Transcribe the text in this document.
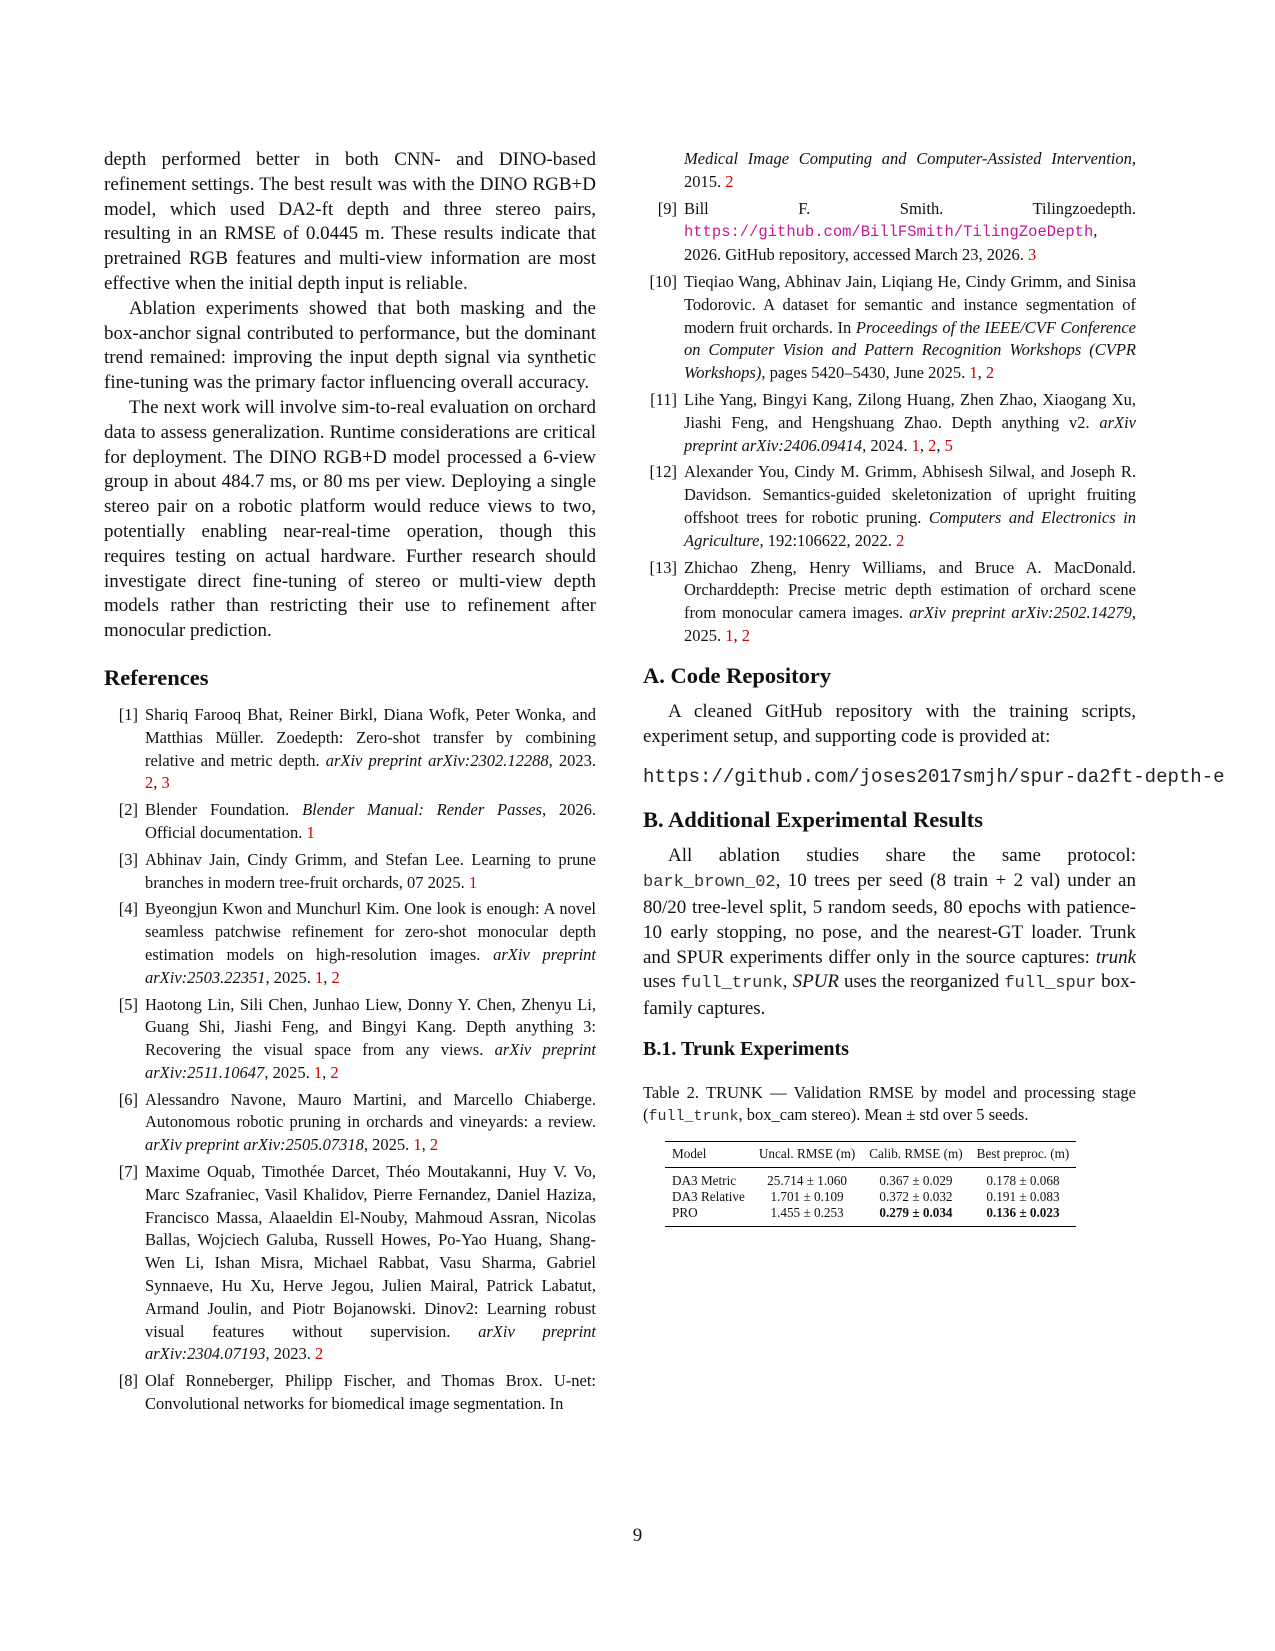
depth performed better in both CNN- and DINO-based refinement settings. The best result was with the DINO RGB+D model, which used DA2-ft depth and three stereo pairs, resulting in an RMSE of 0.0445 m. These results indicate that pretrained RGB features and multi-view information are most effective when the initial depth input is reliable.

Ablation experiments showed that both masking and the box-anchor signal contributed to performance, but the dominant trend remained: improving the input depth signal via synthetic fine-tuning was the primary factor influencing overall accuracy.

The next work will involve sim-to-real evaluation on orchard data to assess generalization. Runtime considerations are critical for deployment. The DINO RGB+D model processed a 6-view group in about 484.7 ms, or 80 ms per view. Deploying a single stereo pair on a robotic platform would reduce views to two, potentially enabling near-real-time operation, though this requires testing on actual hardware. Further research should investigate direct fine-tuning of stereo or multi-view depth models rather than restricting their use to refinement after monocular prediction.

References
[1] Shariq Farooq Bhat, Reiner Birkl, Diana Wofk, Peter Wonka, and Matthias Müller. Zoedepth: Zero-shot transfer by combining relative and metric depth. arXiv preprint arXiv:2302.12288, 2023. 2, 3
[2] Blender Foundation. Blender Manual: Render Passes, 2026. Official documentation. 1
[3] Abhinav Jain, Cindy Grimm, and Stefan Lee. Learning to prune branches in modern tree-fruit orchards, 07 2025. 1
[4] Byeongjun Kwon and Munchurl Kim. One look is enough: A novel seamless patchwise refinement for zero-shot monocular depth estimation models on high-resolution images. arXiv preprint arXiv:2503.22351, 2025. 1, 2
[5] Haotong Lin, Sili Chen, Junhao Liew, Donny Y. Chen, Zhenyu Li, Guang Shi, Jiashi Feng, and Bingyi Kang. Depth anything 3: Recovering the visual space from any views. arXiv preprint arXiv:2511.10647, 2025. 1, 2
[6] Alessandro Navone, Mauro Martini, and Marcello Chiaberge. Autonomous robotic pruning in orchards and vineyards: a review. arXiv preprint arXiv:2505.07318, 2025. 1, 2
[7] Maxime Oquab, Timothée Darcet, Théo Moutakanni, Huy V. Vo, Marc Szafraniec, Vasil Khalidov, Pierre Fernandez, Daniel Haziza, Francisco Massa, Alaaeldin El-Nouby, Mahmoud Assran, Nicolas Ballas, Wojciech Galuba, Russell Howes, Po-Yao Huang, Shang-Wen Li, Ishan Misra, Michael Rabbat, Vasu Sharma, Gabriel Synnaeve, Hu Xu, Herve Jegou, Julien Mairal, Patrick Labatut, Armand Joulin, and Piotr Bojanowski. Dinov2: Learning robust visual features without supervision. arXiv preprint arXiv:2304.07193, 2023. 2
[8] Olaf Ronneberger, Philipp Fischer, and Thomas Brox. U-net: Convolutional networks for biomedical image segmentation. In
Medical Image Computing and Computer-Assisted Intervention, 2015. 2
[9] Bill F. Smith. Tilingzoedepth. https://github.com/BillFSmith/TilingZoeDepth, 2026. GitHub repository, accessed March 23, 2026. 3
[10] Tieqiao Wang, Abhinav Jain, Liqiang He, Cindy Grimm, and Sinisa Todorovic. A dataset for semantic and instance segmentation of modern fruit orchards. In Proceedings of the IEEE/CVF Conference on Computer Vision and Pattern Recognition Workshops (CVPR Workshops), pages 5420–5430, June 2025. 1, 2
[11] Lihe Yang, Bingyi Kang, Zilong Huang, Zhen Zhao, Xiaogang Xu, Jiashi Feng, and Hengshuang Zhao. Depth anything v2. arXiv preprint arXiv:2406.09414, 2024. 1, 2, 5
[12] Alexander You, Cindy M. Grimm, Abhisesh Silwal, and Joseph R. Davidson. Semantics-guided skeletonization of upright fruiting offshoot trees for robotic pruning. Computers and Electronics in Agriculture, 192:106622, 2022. 2
[13] Zhichao Zheng, Henry Williams, and Bruce A. MacDonald. Orcharddepth: Precise metric depth estimation of orchard scene from monocular camera images. arXiv preprint arXiv:2502.14279, 2025. 1, 2
A. Code Repository

A cleaned GitHub repository with the training scripts, experiment setup, and supporting code is provided at:

https://github.com/joses2017smjh/spur-da2ft-depth-e
B. Additional Experimental Results

All ablation studies share the same protocol: bark_brown_02, 10 trees per seed (8 train + 2 val) under an 80/20 tree-level split, 5 random seeds, 80 epochs with patience-10 early stopping, no pose, and the nearest-GT loader. Trunk and SPUR experiments differ only in the source captures: trunk uses full_trunk, SPUR uses the reorganized full_spur box-family captures.

B.1. Trunk Experiments
Table 2. TRUNK — Validation RMSE by model and processing stage (full_trunk, box_cam stereo). Mean ± std over 5 seeds.
Model	Uncal. RMSE (m)	Calib. RMSE (m)	Best preproc. (m)
DA3 Metric	25.714 ± 1.060	0.367 ± 0.029	0.178 ± 0.068
DA3 Relative	1.701 ± 0.109	0.372 ± 0.032	0.191 ± 0.083
PRO	1.455 ± 0.253	0.279 ± 0.034	0.136 ± 0.023
9
